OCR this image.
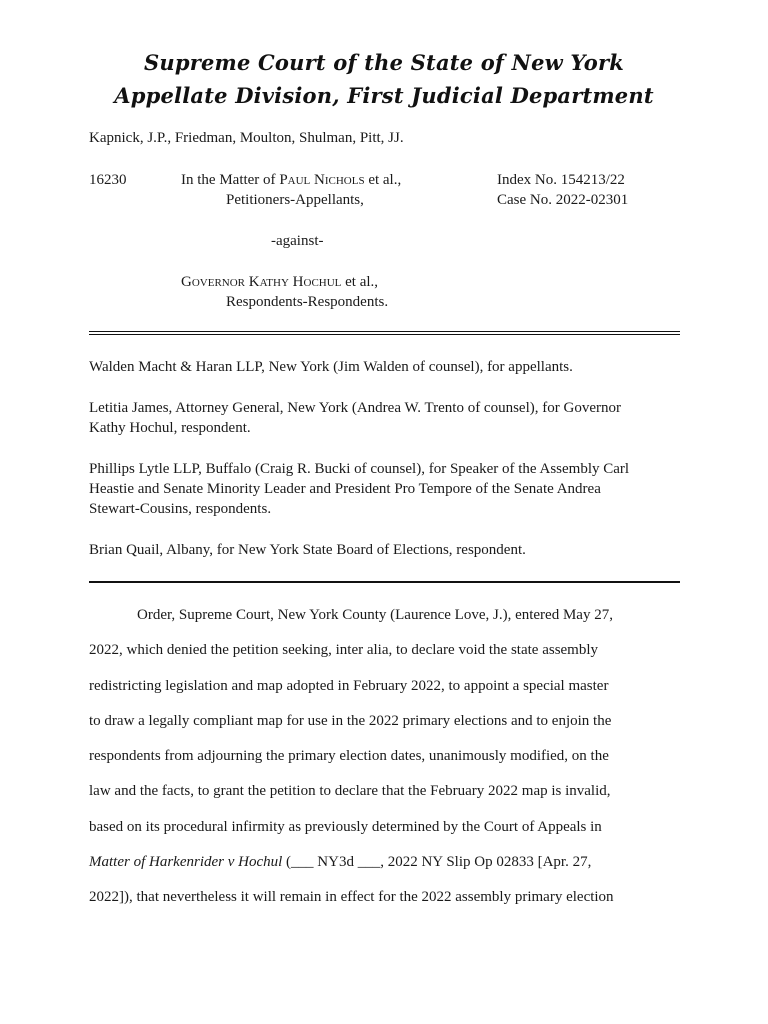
Supreme Court of the State of New York
Appellate Division, First Judicial Department
Kapnick, J.P., Friedman, Moulton, Shulman, Pitt, JJ.
16230	In the Matter of Paul Nichols et al.,
Petitioners-Appellants,
Index No. 154213/22
Case No. 2022-02301
-against-
Governor Kathy Hochul et al.,
Respondents-Respondents.
Walden Macht & Haran LLP, New York (Jim Walden of counsel), for appellants.
Letitia James, Attorney General, New York (Andrea W. Trento of counsel), for Governor
Kathy Hochul, respondent.
Phillips Lytle LLP, Buffalo (Craig R. Bucki of counsel), for Speaker of the Assembly Carl
Heastie and Senate Minority Leader and President Pro Tempore of the Senate Andrea
Stewart-Cousins, respondents.
Brian Quail, Albany, for New York State Board of Elections, respondent.
Order, Supreme Court, New York County (Laurence Love, J.), entered May 27,
2022, which denied the petition seeking, inter alia, to declare void the state assembly
redistricting legislation and map adopted in February 2022, to appoint a special master
to draw a legally compliant map for use in the 2022 primary elections and to enjoin the
respondents from adjourning the primary election dates, unanimously modified, on the
law and the facts, to grant the petition to declare that the February 2022 map is invalid,
based on its procedural infirmity as previously determined by the Court of Appeals in
Matter of Harkenrider v Hochul (___ NY3d ___, 2022 NY Slip Op 02833 [Apr. 27,
2022]), that nevertheless it will remain in effect for the 2022 assembly primary election
